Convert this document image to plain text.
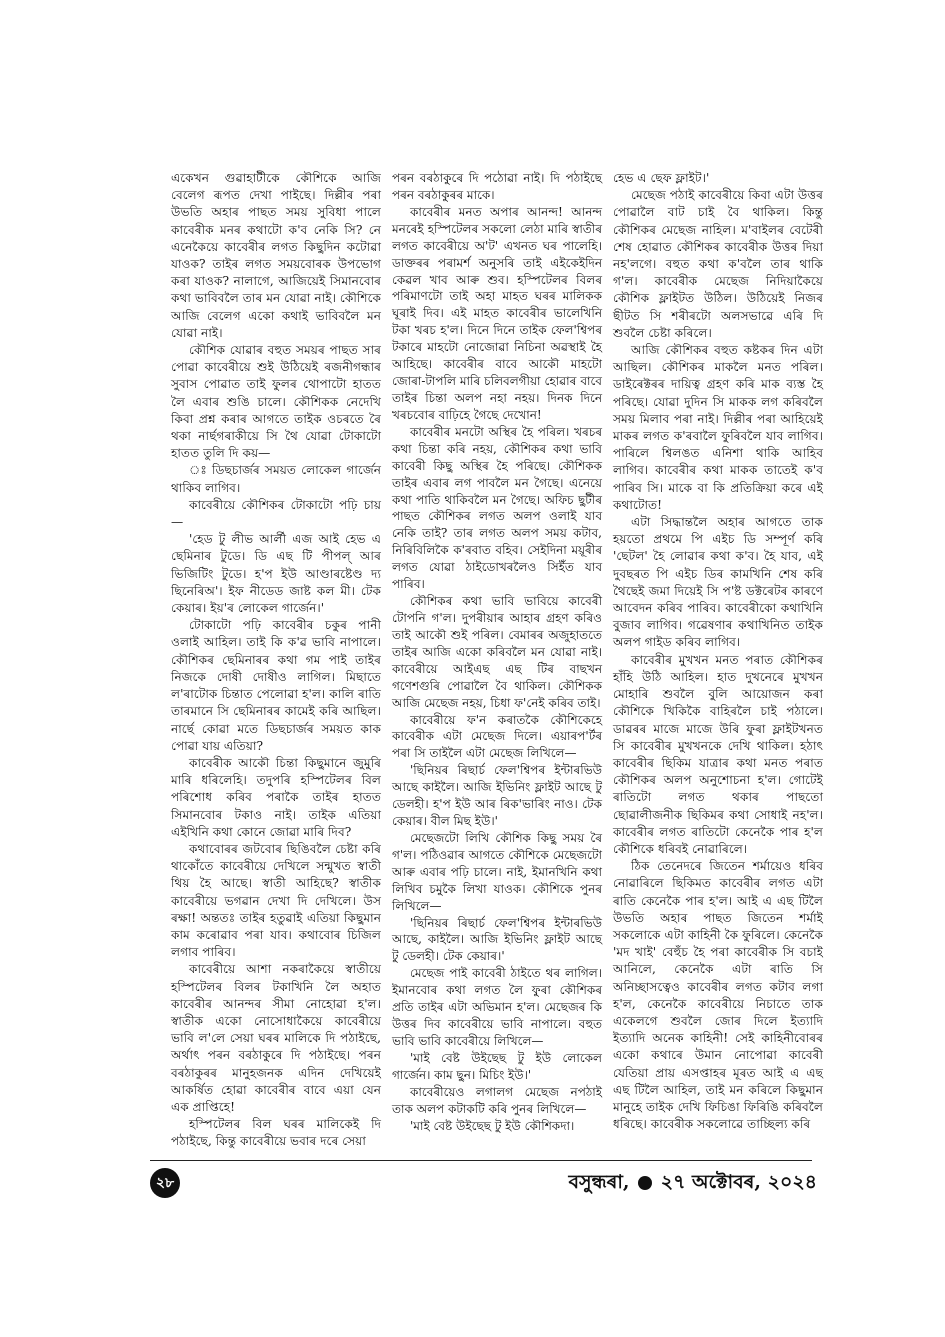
একেখন গুৱাহাটীকে কৌশিকে আজি বেলেগ ৰূপত দেখা পাইছে। দিল্লীৰ পৰা উভতি অহাৰ পাছত সময় সুবিধা পালে কাবেৰীক মনৰ কথাটো ক'ব নেকি সি? নে এনেকৈয়ে কাবেৰীৰ লগত কিছুদিন কটোৱা যাওক? তাইৰ লগত সময়বোৰক উপভোগ কৰা যাওক? নালাগে, আজিয়েই সিমানবোৰ কথা ভাবিবলৈ তাৰ মন যোৱা নাই। কৌশিকে আজি বেলেগ একো কথাই ভাবিবলৈ মন যোৱা নাই।

কৌশিক যোৱাৰ বহুত সময়ৰ পাছত সাৰ পোৱা কাবেৰীয়ে শুই উঠিয়েই ৰজনীগন্ধাৰ সুবাস পোৱাত তাই ফুলৰ থোপাটো হাতত লৈ এবাৰ শুঙি চালে। কৌশিকক নেদেখি কিবা প্ৰশ্ন কৰাৰ আগতে তাইক ওচৰতে ৰৈ থকা নাৰ্ছগৰাকীয়ে সি থৈ যোৱা টোকাটো হাতত তুলি দি কয়—

ঃ ডিছচাৰ্জৰ সময়ত লোকেল গাৰ্জেন থাকিব লাগিব।

কাবেৰীয়ে কৌশিকৰ টোকাটো পঢ়ি চায়—

'হেড টু লীভ আৰ্লী এজ আই হেভ এ ছেমিনাৰ টুডে। ডি এছ টি পীপল্‌ আৰ ভিজিটিং টুডে। হ'প ইউ আণ্ডাৰষ্টেণ্ড দ্য ছিনেৰিঅ'। ইফ নীডেড জাষ্ট কল মী। টেক কেয়াৰ। ইয়'ৰ লোকেল গাৰ্জেন।'

টোকাটো পঢ়ি কাবেৰীৰ চকুৰ পানী ওলাই আহিল। তাই কি ক'ৱ ভাবি নাপালে। কৌশিকৰ ছেমিনাৰৰ কথা গম পাই তাইৰ নিজকে দোষী দোষীও লাগিল। মিছাতে ল'ৰাটোক চিন্তাত পেলোৱা হ'ল। কালি ৰাতি তাৰমানে সি ছেমিনাৰৰ কামেই কৰি আছিল। নাৰ্ছে কোৱা মতে ডিছচাৰ্জৰ সময়ত কাক পোৱা যায় এতিয়া?

কাবেৰীক আকৌ চিন্তা কিছুমানে জুমুৰি মাৰি ধৰিলেহি। তদুপৰি হস্পিটেলৰ বিল পৰিশোধ কৰিব পৰাকৈ তাইৰ হাতত সিমানবোৰ টকাও নাই। তাইক এতিয়া এইখিনি কথা কোনে জোৱা মাৰি দিব?

কথাবোৰৰ জটবোৰ ছিঙিবলৈ চেষ্টা কৰি থাকোঁতে কাবেৰীয়ে দেখিলে সন্মুখত স্বাতী থিয় হৈ আছে। স্বাতী আহিছে? স্বাতীক কাবেৰীয়ে ভগৱান দেখা দি দেখিলে। উস ৰক্ষা! অন্ততঃ তাইৰ হতুৱাই এতিয়া কিছুমান কাম কৰোৱাব পৰা যাব। কথাবোৰ চিজিল লগাব পাৰিব।

কাবেৰীয়ে আশা নকৰাকৈয়ে স্বাতীয়ে হস্পিটেলৰ বিলৰ টকাখিনি লৈ অহাত কাবেৰীৰ আনন্দৰ সীমা নোহোৱা হ'ল। স্বাতীক একো নোসোধাকৈয়ে কাবেৰীয়ে ভাবি ল'লে সেয়া ঘৰৰ মালিকে দি পঠাইছে, অৰ্থাৎ পৰন বৰঠাকুৰে দি পঠাইছে। পৰন বৰঠাকুৰৰ মানুহজনক এদিন দেখিয়েই আকৰ্ষিত হোৱা কাবেৰীৰ বাবে এয়া যেন এক প্ৰাপ্তিহে!

হস্পিটেলৰ বিল ঘৰৰ মালিকেই দি পঠাইছে, কিন্তু কাবেৰীয়ে ভবাৰ দৰে সেয়া

পৰন বৰঠাকুৰে দি পঠোৱা নাই। দি পঠাইছে পৰন বৰঠাকুৰৰ মাকে।

কাবেৰীৰ মনত অপাৰ আনন্দ! আনন্দ মনৰেই হস্পিটেলৰ সকলো লেঠা মাৰি স্বাতীৰ লগত কাবেৰীয়ে অ'ট' এখনত ঘৰ পালেহি। ডাক্তৰৰ পৰামৰ্শ অনুসৰি তাই এইকেইদিন কেৱল খাব আৰু শুব। হস্পিটেলৰ বিলৰ পৰিমাণটো তাই অহা মাহত ঘৰৰ মালিকক ঘূৰাই দিব। এই মাহত কাবেৰীৰ ভালেখিনি টকা খৰচ হ'ল। দিনে দিনে তাইক ফেল'শ্বিপৰ টকাৰে মাহটো নোজোৱা নিচিনা অৱস্থাই হৈ আহিছে। কাবেৰীৰ বাবে আকৌ মাহটো জোৰা-টাপলি মাৰি চলিবলগীয়া হোৱাৰ বাবে তাইৰ চিন্তা অলপ নহা নহয়। দিনক দিনে খৰচবোৰ বাঢ়িহে গৈছে দেখোন!

কাবেৰীৰ মনটো অস্থিৰ হৈ পৰিল। খৰচৰ কথা চিন্তা কৰি নহয়, কৌশিকৰ কথা ভাবি কাবেৰী কিছু অস্থিৰ হৈ পৰিছে। কৌশিকক তাইৰ এবাৰ লগ পাবলৈ মন গৈছে। এনেয়ে কথা পাতি থাকিবলৈ মন গৈছে। অফিচ ছুটীৰ পাছত কৌশিকৰ লগত অলপ ওলাই যাব নেকি তাই? তাৰ লগত অলপ সময় কটাব, নিৰিবিলিকৈ ক'ৰবাত বহিব। সেইদিনা ময়ূৰীৰ লগত যোৱা ঠাইডোখৰলৈও সিইঁত যাব পাৰিব।

কৌশিকৰ কথা ভাবি ভাবিয়ে কাবেৰী টোপনি গ'ল। দুপৰীয়াৰ আহাৰ গ্ৰহণ কৰিও তাই আকৌ শুই পৰিল। বেমাৰৰ অজুহাততে তাইৰ আজি একো কৰিবলৈ মন যোৱা নাই। কাবেৰীয়ে আইএছ এছ টিৰ বাছখন গণেশগুৰি পোৱালৈ বৈ থাকিল। কৌশিকক আজি মেছেজ নহয়, চিধা ফ'নেই কৰিব তাই।

কাবেৰীয়ে ফ'ন কৰাতকৈ কৌশিকেহে কাবেৰীক এটা মেছেজ দিলে। এয়াৰপ'ৰ্টৰ পৰা সি তাইলৈ এটা মেছেজ লিখিলে—

'ছিনিয়ৰ ৰিছাৰ্চ ফেল'শ্বিপৰ ইন্টাৰভিউ আছে কাইলৈ। আজি ইভিনিং ফ্লাইট আছে টু ডেলহী। হ'প ইউ আৰ ৰিক'ভাৰিং নাও। টেক কেয়াৰ। বীল মিছ ইউ।'

মেছেজটো লিখি কৌশিক কিছু সময় ৰৈ গ'ল। পঠিওৱাৰ আগতে কৌশিকে মেছেজটো আৰু এবাৰ পঢ়ি চালে। নাই, ইমানখিনি কথা লিখিব চমুকৈ লিখা যাওক। কৌশিকে পুনৰ লিখিলে—

'ছিনিয়ৰ ৰিছাৰ্চ ফেল'শ্বিপৰ ইন্টাৰভিউ আছে, কাইলৈ। আজি ইভিনিং ফ্লাইট আছে টু ডেলহী। টেক কেয়াৰ।'

মেছেজ পাই কাবেৰী ঠাইতে থৰ লাগিল। ইমানবোৰ কথা লগত লৈ ফুৰা কৌশিকৰ প্ৰতি তাইৰ এটা অভিমান হ'ল। মেছেজৰ কি উত্তৰ দিব কাবেৰীয়ে ভাবি নাপালে। বহুত ভাবি ভাবি কাবেৰীয়ে লিখিলে—

'মাই বেষ্ট উইছেছ টু ইউ লোকেল গাৰ্জেন। কাম ছুন। মিচিং ইউ।'

কাবেৰীয়েও লগালগ মেছেজ নপঠাই তাক অলপ কটাকটি কৰি পুনৰ লিখিলে—

'মাই বেষ্ট উইছেছ টু ইউ কৌশিকদা।

হেভ এ ছেফ ফ্লাইট।'

মেছেজ পঠাই কাবেৰীয়ে কিবা এটা উত্তৰ পোৱালৈ বাট চাই বৈ থাকিল। কিন্তু কৌশিকৰ মেছেজ নাহিল। ম'বাইলৰ বেটেৰী শেষ হোৱাত কৌশিকৰ কাবেৰীক উত্তৰ দিয়া নহ'লগে। বহুত কথা ক'বলৈ তাৰ থাকি গ'ল। কাবেৰীক মেছেজ নিদিয়াকৈয়ে কৌশিক ফ্লাইটত উঠিল। উঠিয়েই নিজৰ ছীটত সি শৰীৰটো অলসভাৱে এৰি দি শুবলৈ চেষ্টা কৰিলে।

আজি কৌশিকৰ বহুত কষ্টকৰ দিন এটা আছিল। কৌশিকৰ মাকলৈ মনত পৰিল। ডাইৰেক্টৰৰ দায়িত্ব গ্ৰহণ কৰি মাক ব্যস্ত হৈ পৰিছে। যোৱা দুদিন সি মাকক লগ কৰিবলৈ সময় মিলাব পৰা নাই। দিল্লীৰ পৰা আহিয়েই মাকৰ লগত ক'ৰবালৈ ফুৰিবলৈ যাব লাগিব। পাৰিলে শ্বিলঙত এনিশা থাকি আহিব লাগিব। কাবেৰীৰ কথা মাকক তাতেই ক'ব পাৰিব সি। মাকে বা কি প্ৰতিক্ৰিয়া কৰে এই কথাটোত!

এটা সিদ্ধান্তলৈ অহাৰ আগতে তাক হয়তো প্ৰথমে পি এইচ ডি সম্পূৰ্ণ কৰি 'ছেটল' হৈ লোৱাৰ কথা ক'ব। হৈ যাব, এই দুবছৰত পি এইচ ডিৰ কামখিনি শেষ কৰি থৈছেই জমা দিয়েই সি প'ষ্ট ডক্টৰেটৰ কাৰণে আবেদন কৰিব পাৰিব। কাবেৰীকো কথাখিনি বুজাব লাগিব। গৱেষণাৰ কথাখিনিত তাইক অলপ গাইড কৰিব লাগিব।

কাবেৰীৰ মুখখন মনত পৰাত কৌশিকৰ হাঁহি উঠি আহিল। হাত দুখনেৰে মুখখন মোহাৰি শুবলৈ বুলি আয়োজন কৰা কৌশিকে খিকিকৈ বাহিৰলৈ চাই পঠালে। ডাৱৰৰ মাজে মাজে উৰি ফুৰা ফ্লাইটখনত সি কাবেৰীৰ মুখখনকে দেখি থাকিল। হঠাৎ কাবেৰীৰ ছিকিম যাত্ৰাৰ কথা মনত পৰাত কৌশিকৰ অলপ অনুশোচনা হ'ল। গোটেই ৰাতিটো লগত থকাৰ পাছতো ছোৱালীজনীক ছিকিমৰ কথা সোধাই নহ'ল। কাবেৰীৰ লগত ৰাতিটো কেনেকৈ পাৰ হ'ল কৌশিকে ধৰিবই নোৱাৰিলে।

ঠিক তেনেদৰে জিতেন শৰ্মায়েও ধৰিব নোৱাৰিলে ছিকিমত কাবেৰীৰ লগত এটা ৰাতি কেনেকৈ পাৰ হ'ল। আই এ এছ টিলৈ উভতি অহাৰ পাছত জিতেন শৰ্মাই সকলোকে এটা কাহিনী কৈ ফুৰিলে। কেনেকৈ 'মদ খাই' বেহুঁচ হৈ পৰা কাবেৰীক সি বচাই আনিলে, কেনেকৈ এটা ৰাতি সি অনিচ্ছাসত্বেও কাবেৰীৰ লগত কটাব লগা হ'ল, কেনেকৈ কাবেৰীয়ে নিচাতে তাক একেলগে শুবলৈ জোৰ দিলে ইত্যাদি ইত্যাদি অনেক কাহিনী! সেই কাহিনীবোৰৰ একো কথাৰে উমান নোপোৱা কাবেৰী যেতিয়া প্ৰায় এসপ্তাহৰ মূৰত আই এ এছ এছ টিলৈ আহিল, তাই মন কৰিলে কিছুমান মানুহে তাইক দেখি ফিচিঙা ফিৰিঙি কৰিবলৈ ধৰিছে। কাবেৰীক সকলোৱে তাচ্ছিল্য কৰি

২৮	বসুন্ধৰা, ২৭ অক্টোবৰ, ২০২৪
